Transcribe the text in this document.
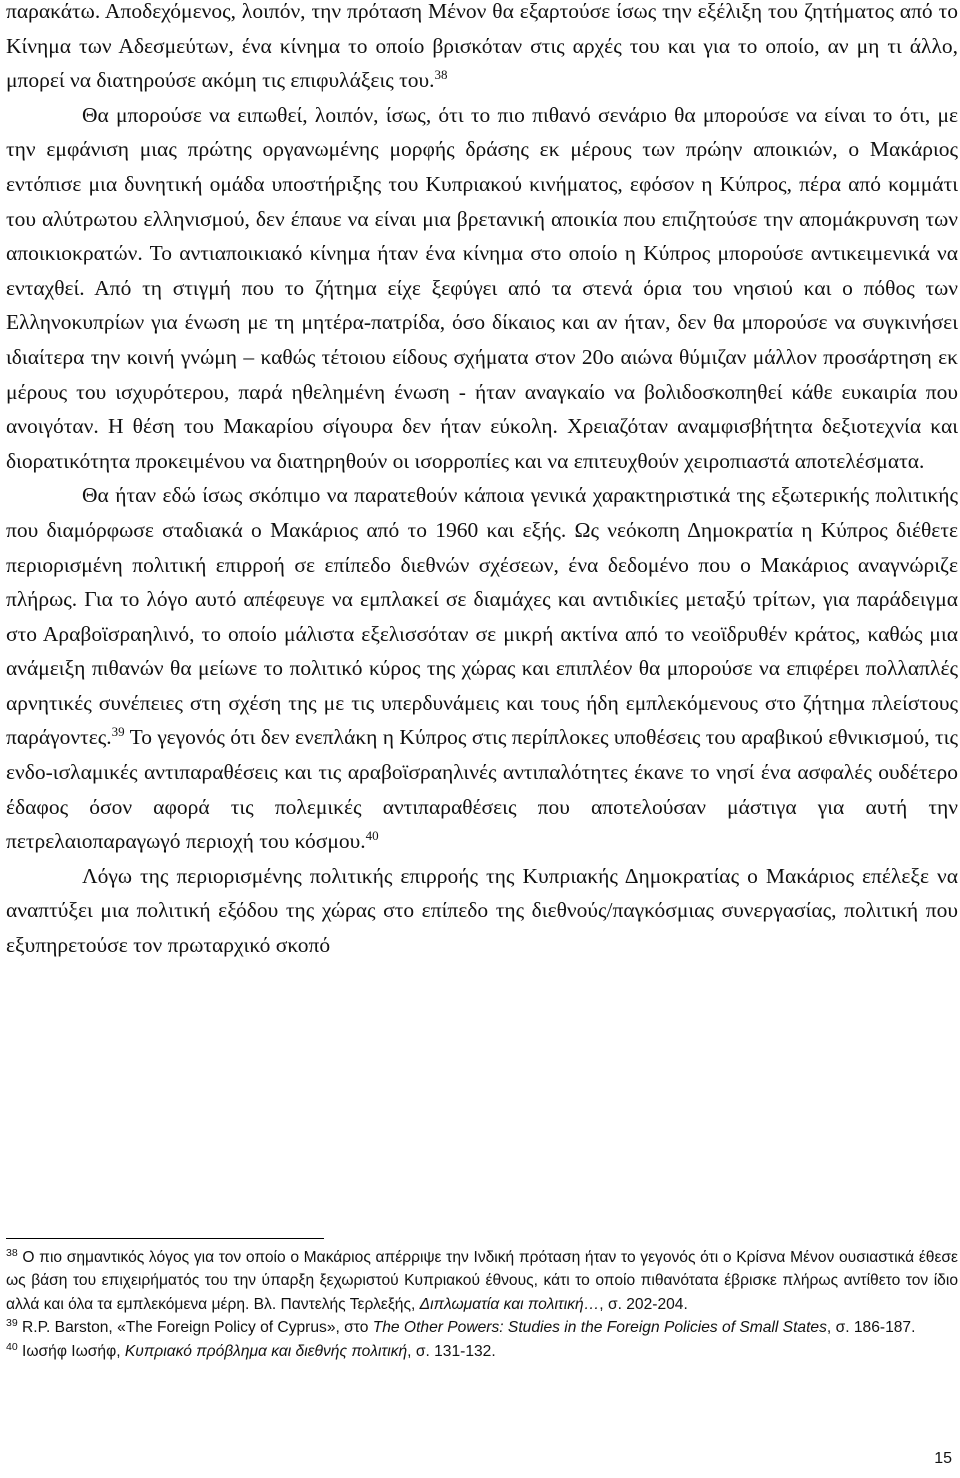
παρακάτω. Αποδεχόμενος, λοιπόν, την πρόταση Μένον θα εξαρτούσε ίσως την εξέλιξη του ζητήματος από το Κίνημα των Αδεσμεύτων, ένα κίνημα το οποίο βρισκόταν στις αρχές του και για το οποίο, αν μη τι άλλο, μπορεί να διατηρούσε ακόμη τις επιφυλάξεις του.$^{38}$

Θα μπορούσε να ειπωθεί, λοιπόν, ίσως, ότι το πιο πιθανό σενάριο θα μπορούσε να είναι το ότι, με την εμφάνιση μιας πρώτης οργανωμένης μορφής δράσης εκ μέρους των πρώην αποικιών, ο Μακάριος εντόπισε μια δυνητική ομάδα υποστήριξης του Κυπριακού κινήματος, εφόσον η Κύπρος, πέρα από κομμάτι του αλύτρωτου ελληνισμού, δεν έπαυε να είναι μια βρετανική αποικία που επιζητούσε την απομάκρυνση των αποικιοκρατών. Το αντιαποικιακό κίνημα ήταν ένα κίνημα στο οποίο η Κύπρος μπορούσε αντικειμενικά να ενταχθεί. Από τη στιγμή που το ζήτημα είχε ξεφύγει από τα στενά όρια του νησιού και ο πόθος των Ελληνοκυπρίων για ένωση με τη μητέρα-πατρίδα, όσο δίκαιος και αν ήταν, δεν θα μπορούσε να συγκινήσει ιδιαίτερα την κοινή γνώμη – καθώς τέτοιου είδους σχήματα στον 20ο αιώνα θύμιζαν μάλλον προσάρτηση εκ μέρους του ισχυρότερου, παρά ηθελημένη ένωση - ήταν αναγκαίο να βολιδοσκοπηθεί κάθε ευκαιρία που ανοιγόταν. Η θέση του Μακαρίου σίγουρα δεν ήταν εύκολη. Χρειαζόταν αναμφισβήτητα δεξιοτεχνία και διορατικότητα προκειμένου να διατηρηθούν οι ισορροπίες και να επιτευχθούν χειροπιαστά αποτελέσματα.

Θα ήταν εδώ ίσως σκόπιμο να παρατεθούν κάποια γενικά χαρακτηριστικά της εξωτερικής πολιτικής που διαμόρφωσε σταδιακά ο Μακάριος από το 1960 και εξής. Ως νεόκοπη Δημοκρατία η Κύπρος διέθετε περιορισμένη πολιτική επιρροή σε επίπεδο διεθνών σχέσεων, ένα δεδομένο που ο Μακάριος αναγνώριζε πλήρως. Για το λόγο αυτό απέφευγε να εμπλακεί σε διαμάχες και αντιδικίες μεταξύ τρίτων, για παράδειγμα στο Αραβοϊσραηλινό, το οποίο μάλιστα εξελισσόταν σε μικρή ακτίνα από το νεοϊδρυθέν κράτος, καθώς μια ανάμειξη πιθανών θα μείωνε το πολιτικό κύρος της χώρας και επιπλέον θα μπορούσε να επιφέρει πολλαπλές αρνητικές συνέπειες στη σχέση της με τις υπερδυνάμεις και τους ήδη εμπλεκόμενους στο ζήτημα πλείστους παράγοντες.$^{39}$ Το γεγονός ότι δεν ενεπλάκη η Κύπρος στις περίπλοκες υποθέσεις του αραβικού εθνικισμού, τις ενδο-ισλαμικές αντιπαραθέσεις και τις αραβοϊσραηλινές αντιπαλότητες έκανε το νησί ένα ασφαλές ουδέτερο έδαφος όσον αφορά τις πολεμικές αντιπαραθέσεις που αποτελούσαν μάστιγα για αυτή την πετρελαιοπαραγωγό περιοχή του κόσμου.$^{40}$

Λόγω της περιορισμένης πολιτικής επιρροής της Κυπριακής Δημοκρατίας ο Μακάριος επέλεξε να αναπτύξει μια πολιτική εξόδου της χώρας στο επίπεδο της διεθνούς/παγκόσμιας συνεργασίας, πολιτική που εξυπηρετούσε τον πρωταρχικό σκοπό

$^{38}$ Ο πιο σημαντικός λόγος για τον οποίο ο Μακάριος απέρριψε την Ινδική πρόταση ήταν το γεγονός ότι ο Κρίσνα Μένον ουσιαστικά έθεσε ως βάση του επιχειρήματός του την ύπαρξη ξεχωριστού Κυπριακού έθνους, κάτι το οποίο πιθανότατα έβρισκε πλήρως αντίθετο τον ίδιο αλλά και όλα τα εμπλεκόμενα μέρη. Βλ. Παντελής Τερλεξής, Διπλωματία και πολιτική…, σ. 202-204.

$^{39}$ R.P. Barston, «The Foreign Policy of Cyprus», στο The Other Powers: Studies in the Foreign Policies of Small States, σ. 186-187.

$^{40}$ Ιωσήφ Ιωσήφ, Κυπριακό πρόβλημα και διεθνής πολιτική, σ. 131-132.

15
